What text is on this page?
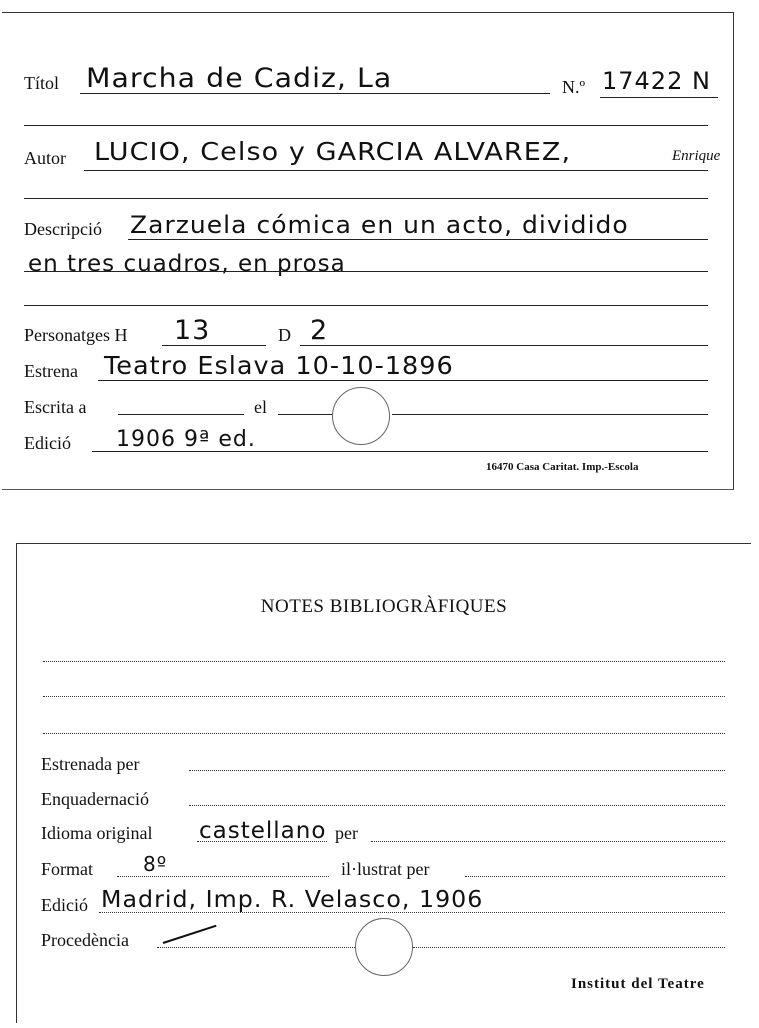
Títol Marcha de Cadiz, La	N.º 17422 N
Autor LUCIO, Celso y GARCIA ALVAREZ,	Enrique
Descripció Zarzuela cómica en un acto, dividido
en tres cuadros, en prosa
Personatges H 13	D 2
Estrena Teatro Eslava 10-10-1896
Escrita a	el
Edició 1906 9ª ed.
16470 Casa Caritat. Imp.-Escola
NOTES BIBLIOGRÀFIQUES
Estrenada per
Enquadernació
Idioma original castellano per
Format	8º	il·lustrat per
Edició Madrid, Imp. R. Velasco, 1906
Procedència
Institut del Teatre
